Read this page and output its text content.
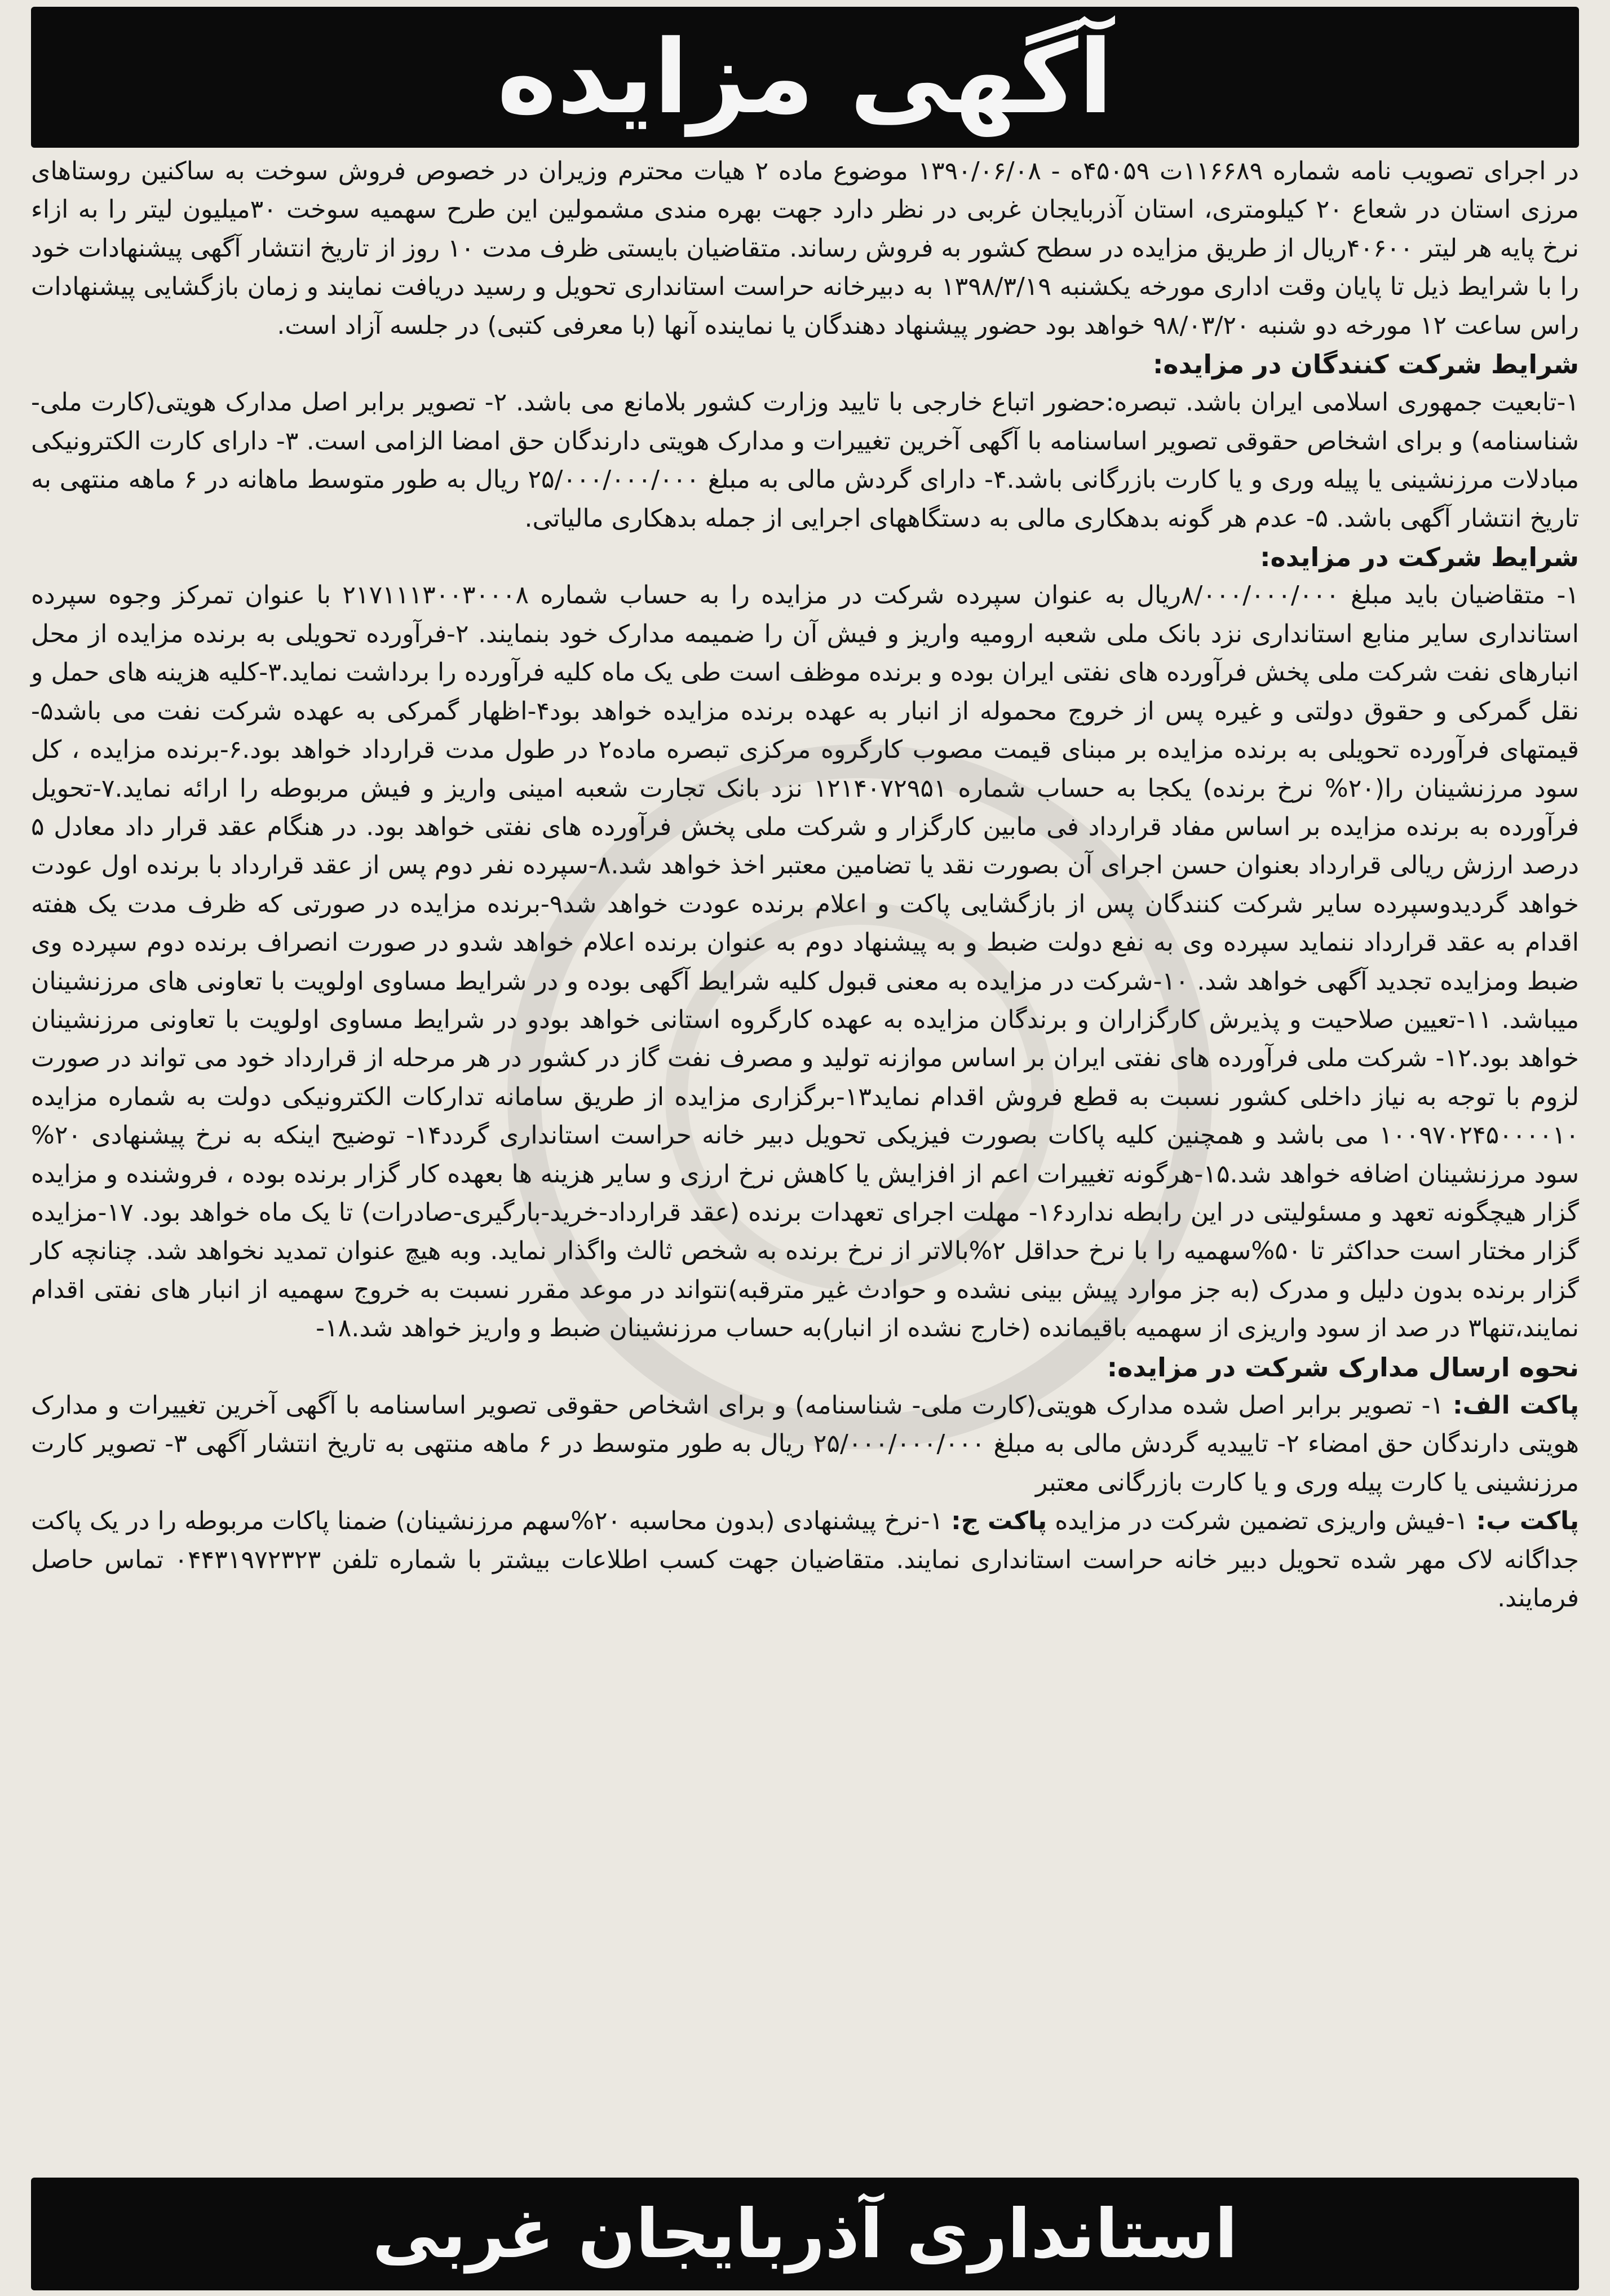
آگهی مزایده

در اجرای تصویب نامه شماره ۱۱۶۶۸۹ت ۴۵۰۵۹ه - ۱۳۹۰/۰۶/۰۸ موضوع ماده ۲ هیات محترم وزیران در خصوص فروش سوخت به ساکنین روستاهای مرزی استان در شعاع ۲۰ کیلومتری، استان آذربایجان غربی در نظر دارد جهت بهره مندی مشمولین این طرح سهمیه سوخت ۳۰میلیون لیتر را به ازاء نرخ پایه هر لیتر ۴۰۶۰۰ریال از طریق مزایده در سطح کشور به فروش رساند. متقاضیان بایستی ظرف مدت ۱۰ روز از تاریخ انتشار آگهی پیشنهادات خود را با شرایط ذیل تا پایان وقت اداری مورخه یکشنبه ۱۳۹۸/۳/۱۹ به دبیرخانه حراست استانداری تحویل و رسید دریافت نمایند و زمان بازگشایی پیشنهادات راس ساعت ۱۲ مورخه دو شنبه ۹۸/۰۳/۲۰ خواهد بود حضور پیشنهاد دهندگان یا نماینده آنها (با معرفی کتبی) در جلسه آزاد است.

شرایط شرکت کنندگان در مزایده:

۱-تابعیت جمهوری اسلامی ایران باشد. تبصره:حضور اتباع خارجی با تایید وزارت کشور بلامانع می باشد. ۲- تصویر برابر اصل مدارک هویتی(کارت ملی- شناسنامه) و برای اشخاص حقوقی تصویر اساسنامه با آگهی آخرین تغییرات و مدارک هویتی دارندگان حق امضا الزامی است. ۳- دارای کارت الکترونیکی مبادلات مرزنشینی یا پیله وری و یا کارت بازرگانی باشد.۴- دارای گردش مالی به مبلغ ۲۵/۰۰۰/۰۰۰/۰۰۰ ریال به طور متوسط ماهانه در ۶ ماهه منتهی به تاریخ انتشار آگهی باشد. ۵- عدم هر گونه بدهکاری مالی به دستگاههای اجرایی از جمله بدهکاری مالیاتی.

شرایط شرکت در مزایده:

۱- متقاضیان باید مبلغ ۸/۰۰۰/۰۰۰/۰۰۰ریال به عنوان سپرده شرکت در مزایده را به حساب شماره ۲۱۷۱۱۱۳۰۰۳۰۰۰۸ با عنوان تمرکز وجوه سپرده استانداری سایر منابع استانداری نزد بانک ملی شعبه ارومیه واریز و فیش آن را ضمیمه مدارک خود بنمایند. ۲-فرآورده تحویلی به برنده مزایده از محل انبارهای نفت شرکت ملی پخش فرآورده های نفتی ایران بوده و برنده موظف است طی یک ماه کلیه فرآورده را برداشت نماید.۳-کلیه هزینه های حمل و نقل گمرکی و حقوق دولتی و غیره پس از خروج محموله از انبار به عهده برنده مزایده خواهد بود۴-اظهار گمرکی به عهده شرکت نفت می باشد۵-قیمتهای فرآورده تحویلی به برنده مزایده بر مبنای قیمت مصوب کارگروه مرکزی تبصره ماده۲ در طول مدت قرارداد خواهد بود.۶-برنده مزایده ، کل سود مرزنشینان را(۲۰% نرخ برنده) یکجا به حساب شماره ۱۲۱۴۰۷۲۹۵۱ نزد بانک تجارت شعبه امینی واریز و فیش مربوطه را ارائه نماید.۷-تحویل فرآورده به برنده مزایده بر اساس مفاد قرارداد فی مابین کارگزار و شرکت ملی پخش فرآورده های نفتی خواهد بود. در هنگام عقد قرار داد معادل ۵ درصد ارزش ریالی قرارداد بعنوان حسن اجرای آن بصورت نقد یا تضامین معتبر اخذ خواهد شد.۸-سپرده نفر دوم پس از عقد قرارداد با برنده اول عودت خواهد گردیدوسپرده سایر شرکت کنندگان پس از بازگشایی پاکت و اعلام برنده عودت خواهد شد۹-برنده مزایده در صورتی که ظرف مدت یک هفته اقدام به عقد قرارداد ننماید سپرده وی به نفع دولت ضبط و به پیشنهاد دوم به عنوان برنده اعلام خواهد شدو در صورت انصراف برنده دوم سپرده وی ضبط ومزایده تجدید آگهی خواهد شد. ۱۰-شرکت در مزایده به معنی قبول کلیه شرایط آگهی بوده و در شرایط مساوی اولویت با تعاونی های مرزنشینان میباشد. ۱۱-تعیین صلاحیت و پذیرش کارگزاران و برندگان مزایده به عهده کارگروه استانی خواهد بودو در شرایط مساوی اولویت با تعاونی مرزنشینان خواهد بود.۱۲- شرکت ملی فرآورده های نفتی ایران بر اساس موازنه تولید و مصرف نفت گاز در کشور در هر مرحله از قرارداد خود می تواند در صورت لزوم با توجه به نیاز داخلی کشور نسبت به قطع فروش اقدام نماید۱۳-برگزاری مزایده از طریق سامانه تدارکات الکترونیکی دولت به شماره مزایده ۱۰۰۹۷۰۲۴۵۰۰۰۰۱۰ می باشد و همچنین کلیه پاکات بصورت فیزیکی تحویل دبیر خانه حراست استانداری گردد۱۴- توضیح اینکه به نرخ پیشنهادی ۲۰% سود مرزنشینان اضافه خواهد شد.۱۵-هرگونه تغییرات اعم از افزایش یا کاهش نرخ ارزی و سایر هزینه ها بعهده کار گزار برنده بوده ، فروشنده و مزایده گزار هیچگونه تعهد و مسئولیتی در این رابطه ندارد۱۶- مهلت اجرای تعهدات برنده (عقد قرارداد-خرید-بارگیری-صادرات) تا یک ماه خواهد بود. ۱۷-مزایده گزار مختار است حداکثر تا ۵۰%سهمیه را با نرخ حداقل ۲%بالاتر از نرخ برنده به شخص ثالث واگذار نماید. وبه هیچ عنوان تمدید نخواهد شد. چنانچه کار گزار برنده بدون دلیل و مدرک (به جز موارد پیش بینی نشده و حوادث غیر مترقبه)نتواند در موعد مقرر نسبت به خروج سهمیه از انبار های نفتی اقدام نمایند،تنها۳ در صد از سود واریزی از سهمیه باقیمانده (خارج نشده از انبار)به حساب مرزنشینان ضبط و واریز خواهد شد.۱۸-

نحوه ارسال مدارک شرکت در مزایده:

پاکت الف: ۱- تصویر برابر اصل شده مدارک هویتی(کارت ملی- شناسنامه) و برای اشخاص حقوقی تصویر اساسنامه با آگهی آخرین تغییرات و مدارک هویتی دارندگان حق امضاء ۲- تاییدیه گردش مالی به مبلغ ۲۵/۰۰۰/۰۰۰/۰۰۰ ریال به طور متوسط در ۶ ماهه منتهی به تاریخ انتشار آگهی ۳- تصویر کارت مرزنشینی یا کارت پیله وری و یا کارت بازرگانی معتبر

پاکت ب: ۱-فیش واریزی تضمین شرکت در مزایده پاکت ج: ۱-نرخ پیشنهادی (بدون محاسبه ۲۰%سهم مرزنشینان) ضمنا پاکات مربوطه را در یک پاکت جداگانه لاک مهر شده تحویل دبیر خانه حراست استانداری نمایند. متقاضیان جهت کسب اطلاعات بیشتر با شماره تلفن ۰۴۴۳۱۹۷۲۳۲۳ تماس حاصل فرمایند.

استانداری آذربایجان غربی
